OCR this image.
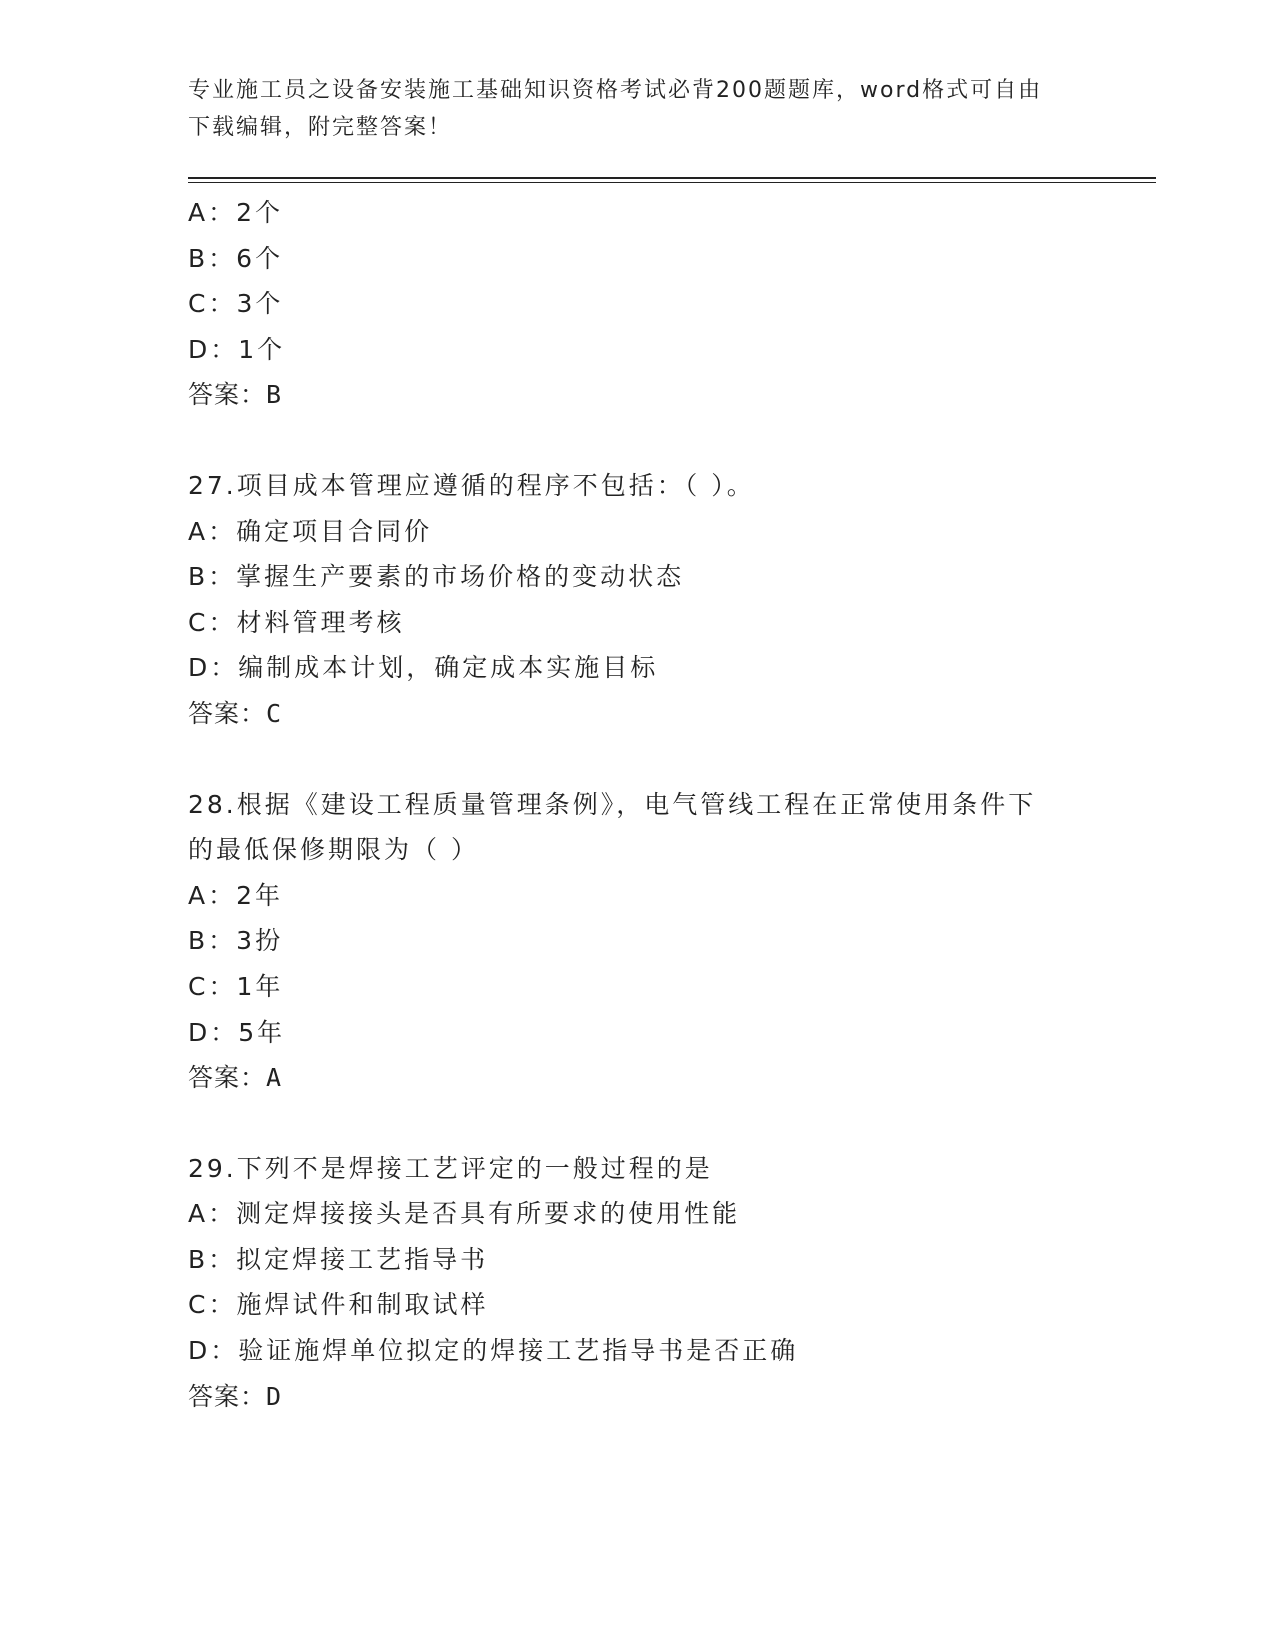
专业施工员之设备安装施工基础知识资格考试必背200题题库，word格式可自由
下载编辑，附完整答案！
A：2个
B：6个
C：3个
D：1个
答案：B
27.项目成本管理应遵循的程序不包括：（ ）。
A：确定项目合同价
B：掌握生产要素的市场价格的变动状态
C：材料管理考核
D：编制成本计划，确定成本实施目标
答案：C
28.根据《建设工程质量管理条例》，电气管线工程在正常使用条件下
的最低保修期限为（ ）
A：2年
B：3扮
C：1年
D：5年
答案：A
29.下列不是焊接工艺评定的一般过程的是
A：测定焊接接头是否具有所要求的使用性能
B：拟定焊接工艺指导书
C：施焊试件和制取试样
D：验证施焊单位拟定的焊接工艺指导书是否正确
答案：D
